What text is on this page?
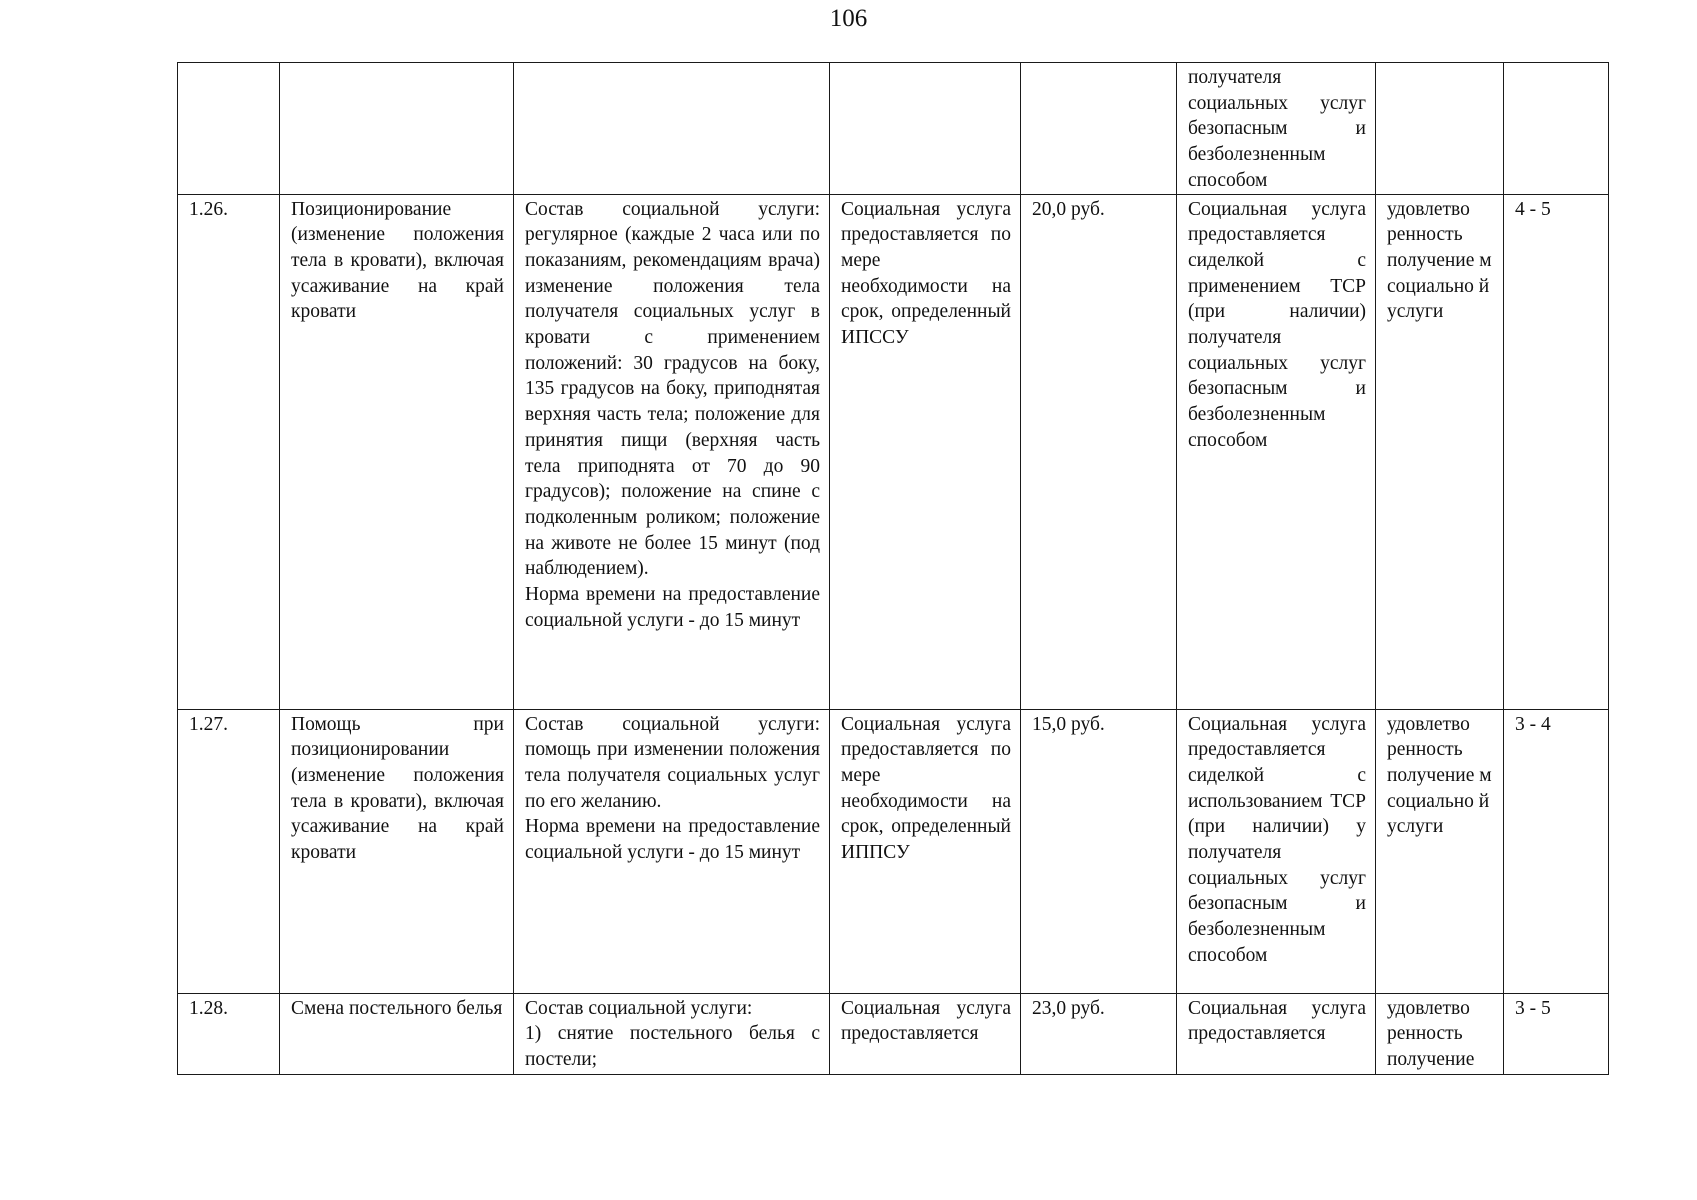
106
					получателя социальных услуг безопасным и безболезненным способом		
1.26.	Позиционирование (изменение положения тела в кровати), включая усаживание на край кровати	Состав социальной услуги: регулярное (каждые 2 часа или по показаниям, рекомендациям врача) изменение положения тела получателя социальных услуг в кровати с применением положений: 30 градусов на боку, 135 градусов на боку, приподнятая верхняя часть тела; положение для принятия пищи (верхняя часть тела приподнята от 70 до 90 градусов); положение на спине с подколенным роликом; положение на животе не более 15 минут (под наблюдением).
Норма времени на предоставление социальной услуги - до 15 минут	Социальная услуга предоставляется по мере необходимости на срок, определенный ИПССУ	20,0 руб.	Социальная услуга предоставляется сиделкой с применением ТСР (при наличии) получателя социальных услуг безопасным и безболезненным способом	удовлетво ренность получение м социально й услуги	4 - 5
1.27.	Помощь при позиционировании (изменение положения тела в кровати), включая усаживание на край кровати	Состав социальной услуги: помощь при изменении положения тела получателя социальных услуг по его желанию.
Норма времени на предоставление социальной услуги - до 15 минут	Социальная услуга предоставляется по мере необходимости на срок, определенный ИППСУ	15,0 руб.	Социальная услуга предоставляется сиделкой с использованием ТСР (при наличии) у получателя социальных услуг безопасным и безболезненным способом	удовлетво ренность получение м социально й услуги	3 - 4
1.28.	Смена постельного белья	Состав социальной услуги:
1) снятие постельного белья с постели;	Социальная услуга предоставляется	23,0 руб.	Социальная услуга предоставляется	удовлетво ренность получение	3 - 5
